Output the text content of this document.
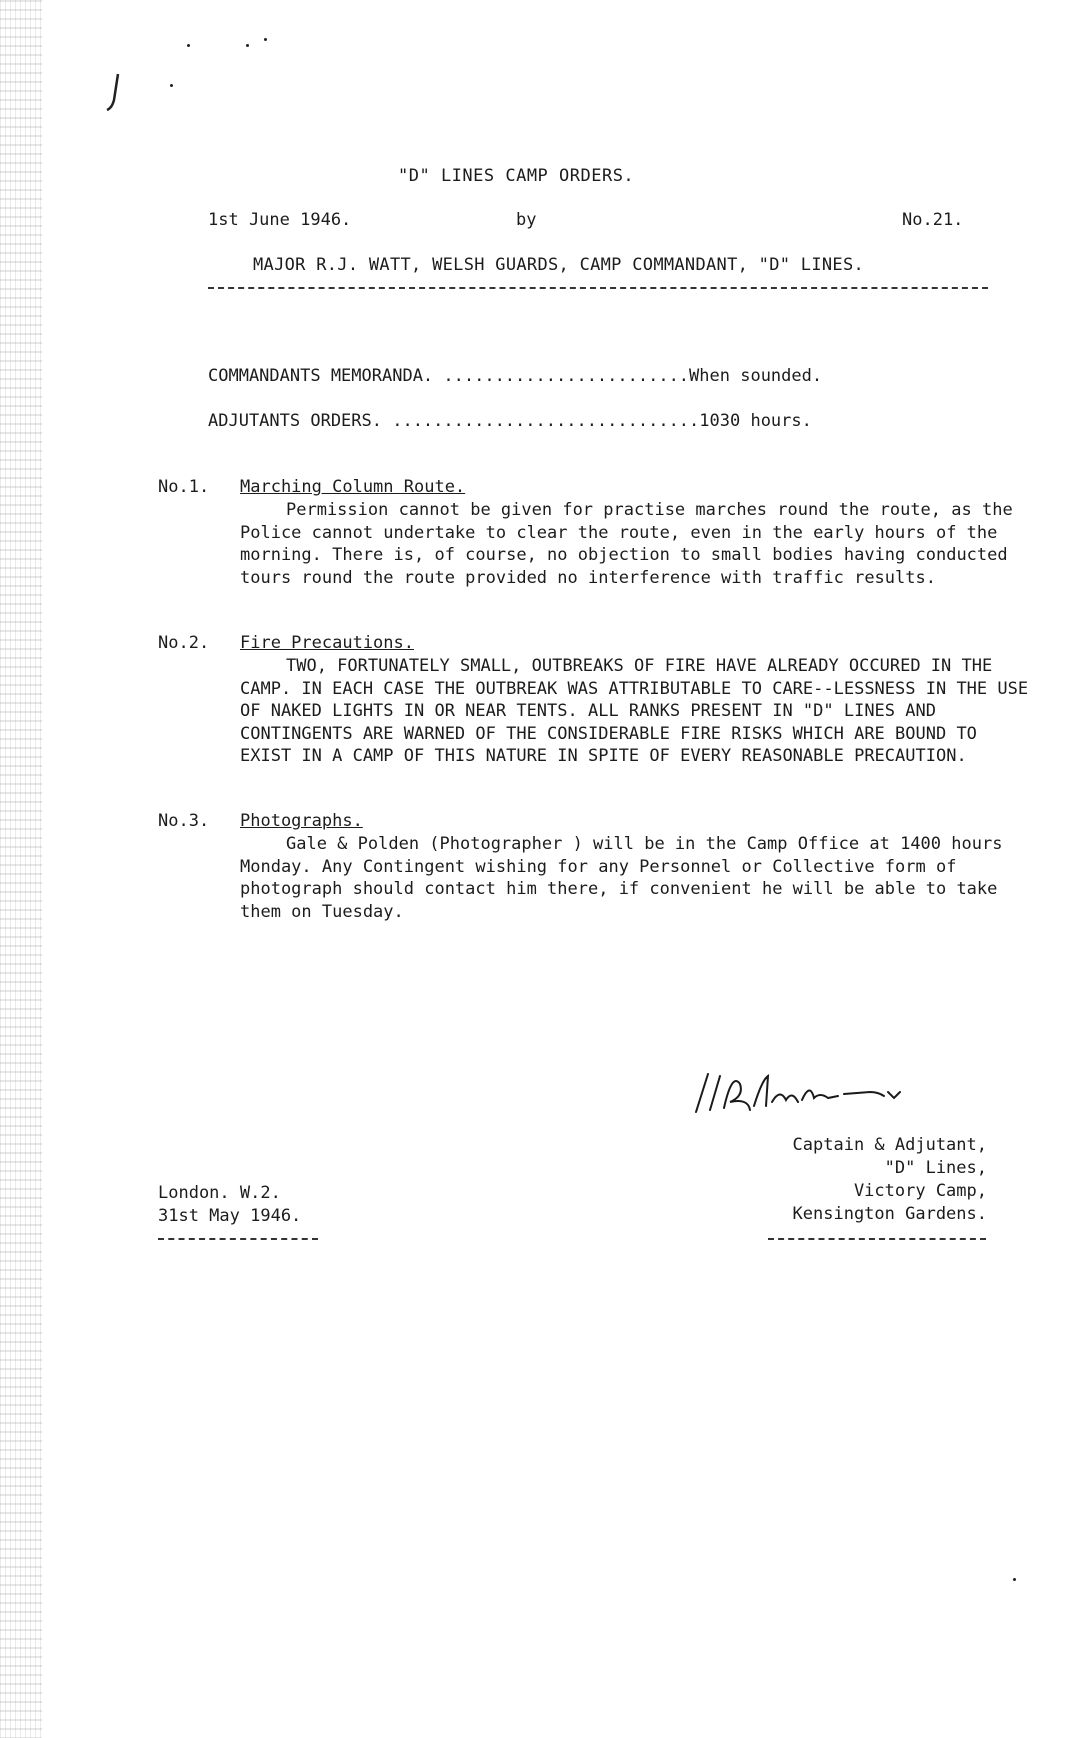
"D" LINES CAMP ORDERS.
1st June 1946.	by	No.21.
MAJOR R.J. WATT, WELSH GUARDS, CAMP COMMANDANT, "D" LINES.
COMMANDANTS MEMORANDA. ........................When sounded.
ADJUTANTS ORDERS. ..............................1030 hours.
No.1. Marching Column Route.
Permission cannot be given for practise marches round the route, as the Police cannot undertake to clear the route, even in the early hours of the morning. There is, of course, no objection to small bodies having conducted tours round the route provided no interference with traffic results.
No.2. Fire Precautions.
TWO, FORTUNATELY SMALL, OUTBREAKS OF FIRE HAVE ALREADY OCCURED IN THE CAMP. IN EACH CASE THE OUTBREAK WAS ATTRIBUTABLE TO CARE--LESSNESS IN THE USE OF NAKED LIGHTS IN OR NEAR TENTS. ALL RANKS PRESENT IN "D" LINES AND CONTINGENTS ARE WARNED OF THE CONSIDERABLE FIRE RISKS WHICH ARE BOUND TO EXIST IN A CAMP OF THIS NATURE IN SPITE OF EVERY REASONABLE PRECAUTION.
No.3. Photographs.
Gale & Polden (Photographer ) will be in the Camp Office at 1400 hours Monday. Any Contingent wishing for any Personnel or Collective form of photograph should contact him there, if convenient he will be able to take them on Tuesday.
Captain & Adjutant,
"D" Lines,
Victory Camp,
Kensington Gardens.
London. W.2.
31st May 1946.
